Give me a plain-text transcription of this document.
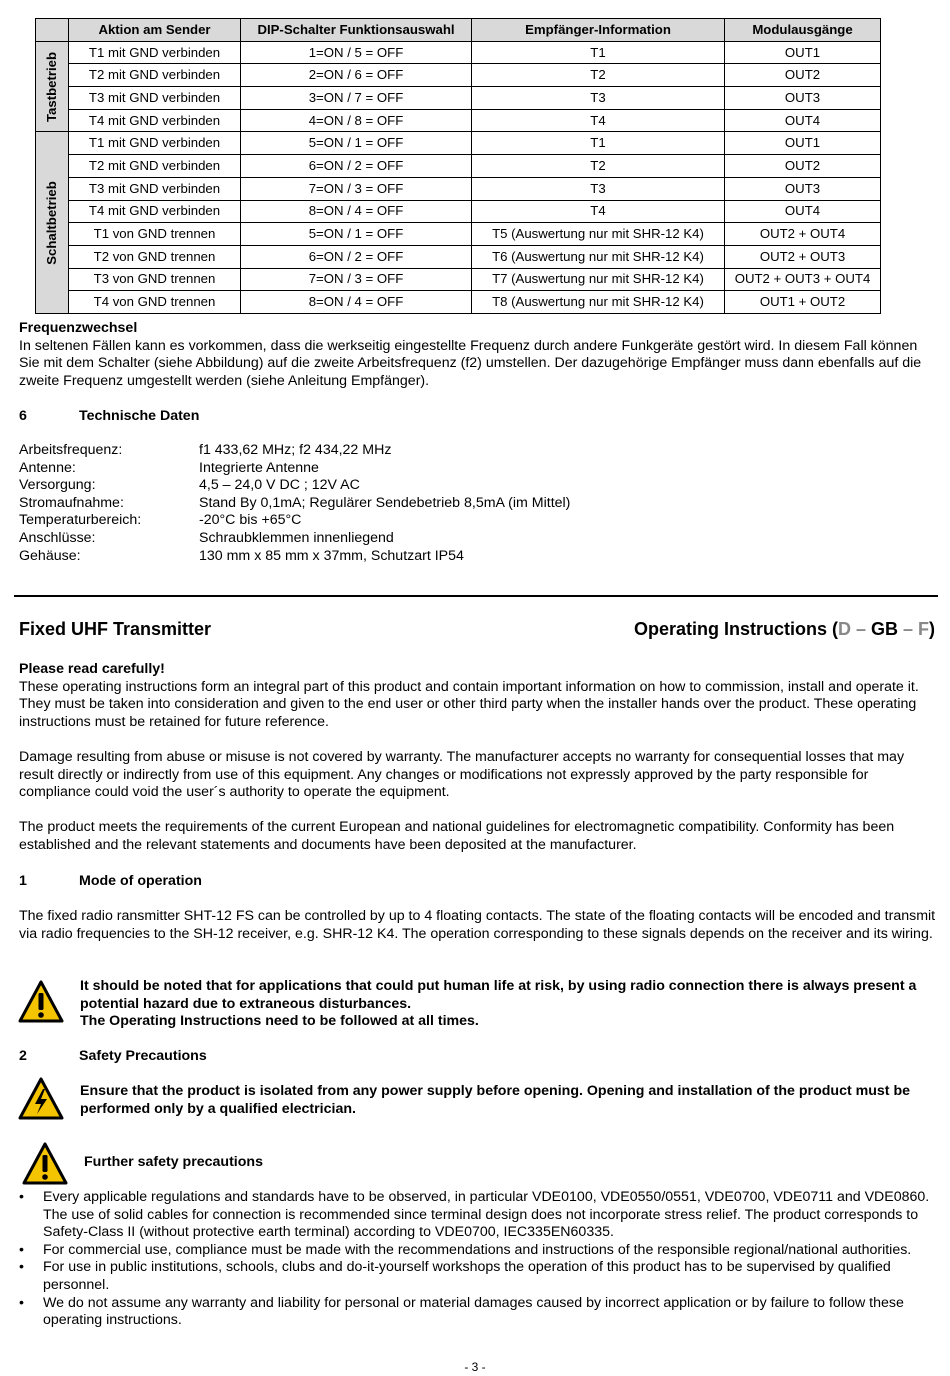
	Aktion am Sender	DIP-Schalter Funktionsauswahl	Empfänger-Information	Modulausgänge

Tastbetrieb	T1 mit GND verbinden	1=ON / 5 = OFF	T1	OUT1
	T2 mit GND verbinden	2=ON / 6 = OFF	T2	OUT2
	T3 mit GND verbinden	3=ON / 7 = OFF	T3	OUT3
	T4 mit GND verbinden	4=ON / 8 = OFF	T4	OUT4

Schaltbetrieb	T1 mit GND verbinden	5=ON / 1 = OFF	T1	OUT1
	T2 mit GND verbinden	6=ON / 2 = OFF	T2	OUT2
	T3 mit GND verbinden	7=ON / 3 = OFF	T3	OUT3
	T4 mit GND verbinden	8=ON / 4 = OFF	T4	OUT4
	T1 von GND trennen	5=ON / 1 = OFF	T5 (Auswertung nur mit SHR-12 K4)	OUT2 + OUT4
	T2 von GND trennen	6=ON / 2 = OFF	T6 (Auswertung nur mit SHR-12 K4)	OUT2 + OUT3
	T3 von GND trennen	7=ON / 3 = OFF	T7 (Auswertung nur mit SHR-12 K4)	OUT2 + OUT3 + OUT4
	T4 von GND trennen	8=ON / 4 = OFF	T8 (Auswertung nur mit SHR-12 K4)	OUT1 + OUT2
Frequenzwechsel
In seltenen Fällen kann es vorkommen, dass die werkseitig eingestellte Frequenz durch andere Funkgeräte gestört wird. In diesem Fall können Sie mit dem Schalter (siehe Abbildung) auf die zweite Arbeitsfrequenz (f2) umstellen. Der dazugehörige Empfänger muss dann ebenfalls auf die zweite Frequenz umgestellt werden (siehe Anleitung Empfänger).
6	Technische Daten
Arbeitsfrequenz:	f1 433,62 MHz; f2 434,22 MHz
Antenne:	Integrierte Antenne
Versorgung:	4,5 – 24,0 V DC ; 12V AC
Stromaufnahme:	Stand By 0,1mA; Regulärer Sendebetrieb 8,5mA (im Mittel)
Temperaturbereich:	-20°C bis +65°C
Anschlüsse:	Schraubklemmen innenliegend
Gehäuse:	130 mm x 85 mm x 37mm, Schutzart IP54
Fixed UHF Transmitter	Operating Instructions (D – GB – F)
Please read carefully!
These operating instructions form an integral part of this product and contain important information on how to commission, install and operate it. They must be taken into consideration and given to the end user or other third party when the installer hands over the product. These operating instructions must be retained for future reference.
Damage resulting from abuse or misuse is not covered by warranty. The manufacturer accepts no warranty for consequential losses that may result directly or indirectly from use of this equipment. Any changes or modifications not expressly approved by the party responsible for compliance could void the user´s authority to operate the equipment.
The product meets the requirements of the current European and national guidelines for electromagnetic compatibility. Conformity has been established and the relevant statements and documents have been deposited at the manufacturer.
1	Mode of operation
The fixed radio ransmitter SHT-12 FS can be controlled by up to 4 floating contacts. The state of the floating contacts will be encoded and transmit via radio frequencies to the SH-12 receiver, e.g. SHR-12 K4. The operation corresponding to these signals depends on the receiver and its wiring.
It should be noted that for applications that could put human life at risk, by using radio connection there is always present a potential hazard due to extraneous disturbances.
The Operating Instructions need to be followed at all times.
2	Safety Precautions
Ensure that the product is isolated from any power supply before opening. Opening and installation of the product must be performed only by a qualified electrician.
Further safety precautions
• Every applicable regulations and standards have to be observed, in particular VDE0100, VDE0550/0551, VDE0700, VDE0711 and VDE0860. The use of solid cables for connection is recommended since terminal design does not incorporate stress relief. The product corresponds to Safety-Class II (without protective earth terminal) according to VDE0700, IEC335EN60335.
• For commercial use, compliance must be made with the recommendations and instructions of the responsible regional/national authorities.
• For use in public institutions, schools, clubs and do-it-yourself workshops the operation of this product has to be supervised by qualified personnel.
• We do not assume any warranty and liability for personal or material damages caused by incorrect application or by failure to follow these operating instructions.
- 3 -
